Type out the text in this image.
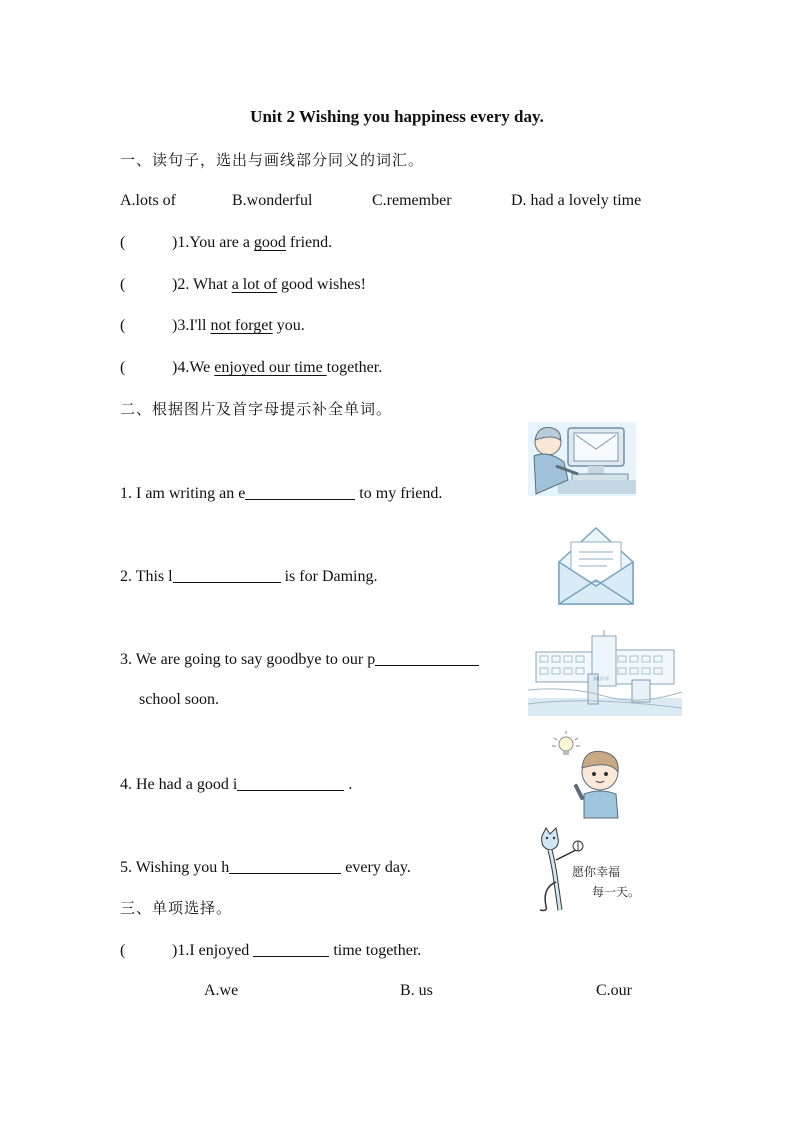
Unit 2 Wishing you happiness every day.
一、读句子，选出与画线部分同义的词汇。
A.lots of	B.wonderful	C.remember	D. had a lovely time
(	)1.You are a good friend.
(	)2. What a lot of good wishes!
(	)3.I'll not forget you.
(	)4.We enjoyed our time together.
二、根据图片及首字母提示补全单词。
1. I am writing an e	to my friend.
2. This l	is for Daming.
3. We are going to say goodbye to our p
school soon.
4. He had a good i	.
5. Wishing you h	every day.
东阳小学
愿你幸福
每一天。
三、单项选择。
(	)1.I enjoyed	time together.
A.we	B. us	C.our
